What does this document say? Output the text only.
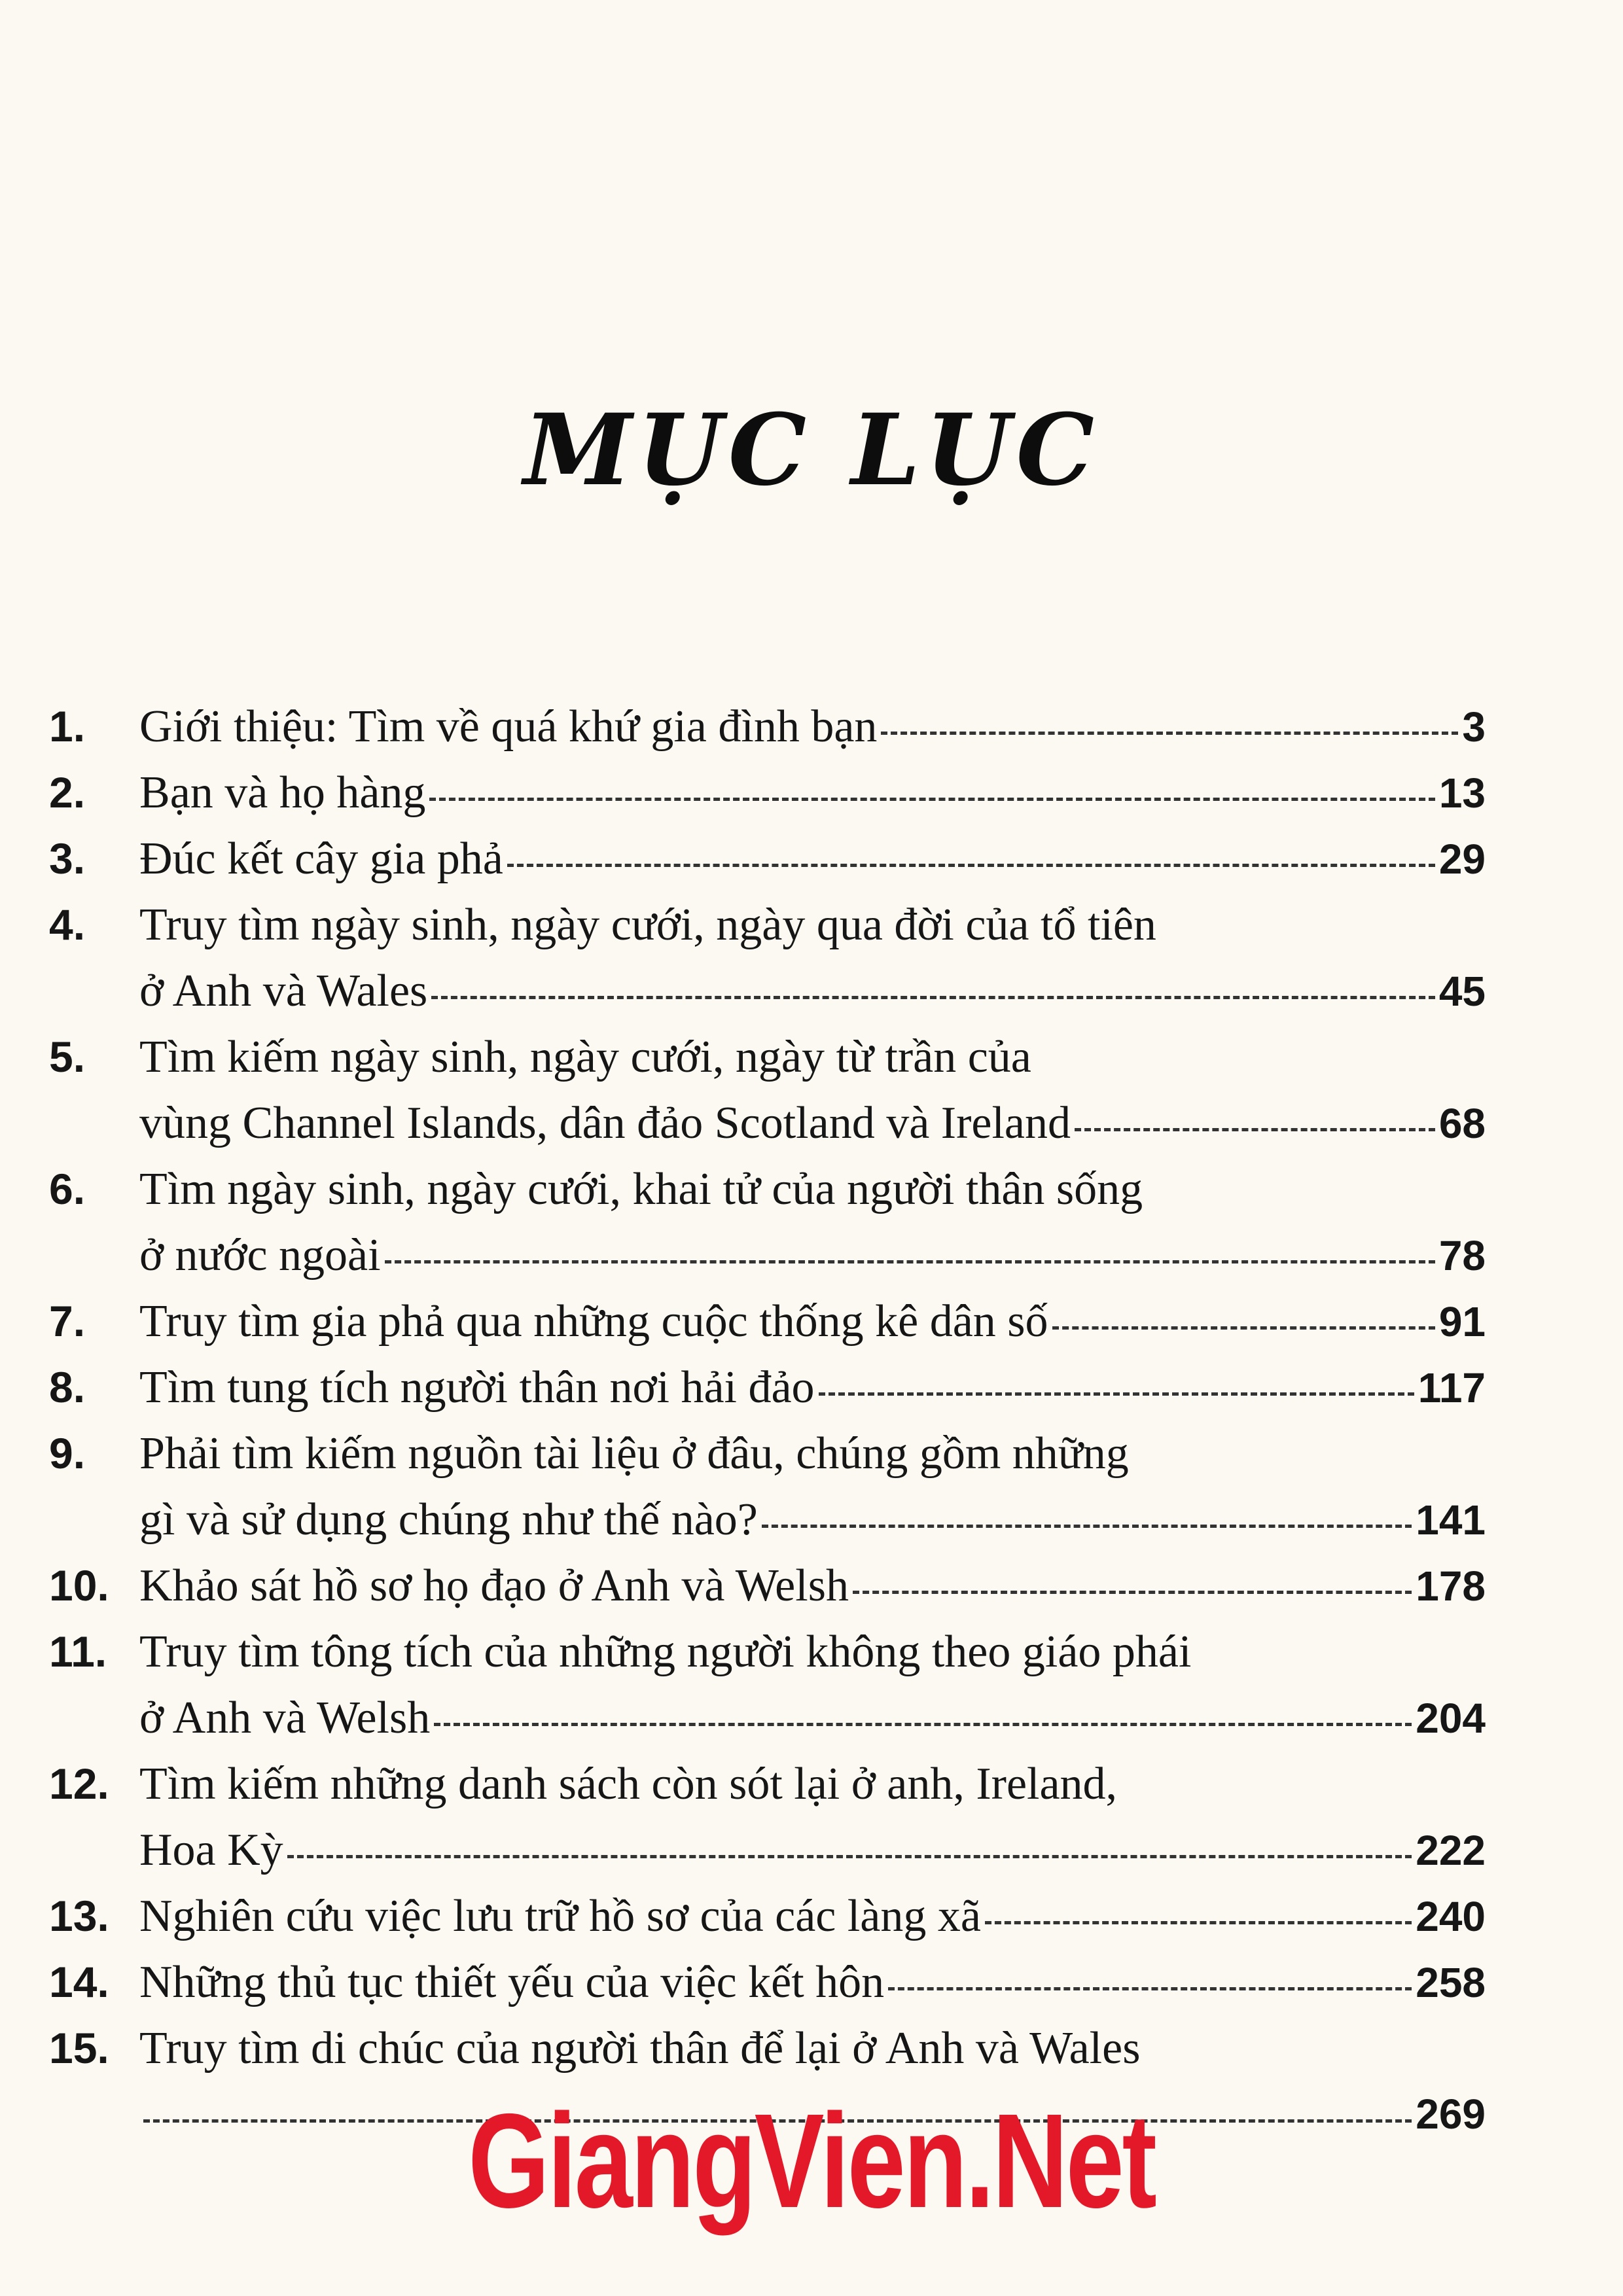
MỤC LỤC
1.	Giới thiệu: Tìm về quá khứ gia đình bạn	3
2.	Bạn và họ hàng	13
3.	Đúc kết cây gia phả	29
4.	Truy tìm ngày sinh, ngày cưới, ngày qua đời của tổ tiên
ở Anh và Wales	45
5.	Tìm kiếm ngày sinh, ngày cưới, ngày từ trần của
vùng Channel Islands, dân đảo Scotland và Ireland	68
6.	Tìm ngày sinh, ngày cưới, khai tử của người thân sống
ở nước ngoài	78
7.	Truy tìm gia phả qua những cuộc thống kê dân số	91
8.	Tìm tung tích người thân nơi hải đảo	117
9.	Phải tìm kiếm nguồn tài liệu ở đâu, chúng gồm những
gì và sử dụng chúng như thế nào?	141
10. Khảo sát hồ sơ họ đạo ở Anh và Welsh	178
11. Truy tìm tông tích của những người không theo giáo phái
ở Anh và Welsh	204
12. Tìm kiếm những danh sách còn sót lại ở anh, Ireland,
Hoa Kỳ	222
13. Nghiên cứu việc lưu trữ hồ sơ của các làng xã	240
14. Những thủ tục thiết yếu của việc kết hôn	258
15. Truy tìm di chúc của người thân để lại ở Anh và Wales
269
GiangVien.Net
